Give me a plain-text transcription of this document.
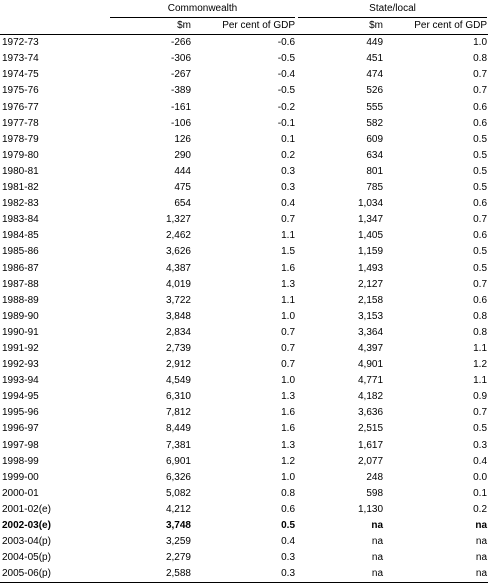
	Commonwealth		State/local	

	$m	Per cent of GDP	$m	Per cent of GDP
1972-73	-266	-0.6	449	1.0
1973-74	-306	-0.5	451	0.8
1974-75	-267	-0.4	474	0.7
1975-76	-389	-0.5	526	0.7
1976-77	-161	-0.2	555	0.6
1977-78	-106	-0.1	582	0.6
1978-79	126	0.1	609	0.5
1979-80	290	0.2	634	0.5
1980-81	444	0.3	801	0.5
1981-82	475	0.3	785	0.5
1982-83	654	0.4	1,034	0.6
1983-84	1,327	0.7	1,347	0.7
1984-85	2,462	1.1	1,405	0.6
1985-86	3,626	1.5	1,159	0.5
1986-87	4,387	1.6	1,493	0.5
1987-88	4,019	1.3	2,127	0.7
1988-89	3,722	1.1	2,158	0.6
1989-90	3,848	1.0	3,153	0.8
1990-91	2,834	0.7	3,364	0.8
1991-92	2,739	0.7	4,397	1.1
1992-93	2,912	0.7	4,901	1.2
1993-94	4,549	1.0	4,771	1.1
1994-95	6,310	1.3	4,182	0.9
1995-96	7,812	1.6	3,636	0.7
1996-97	8,449	1.6	2,515	0.5
1997-98	7,381	1.3	1,617	0.3
1998-99	6,901	1.2	2,077	0.4
1999-00	6,326	1.0	248	0.0
2000-01	5,082	0.8	598	0.1
2001-02(e)	4,212	0.6	1,130	0.2
2002-03(e)	3,748	0.5	na	na
2003-04(p)	3,259	0.4	na	na
2004-05(p)	2,279	0.3	na	na
2005-06(p)	2,588	0.3	na	na
